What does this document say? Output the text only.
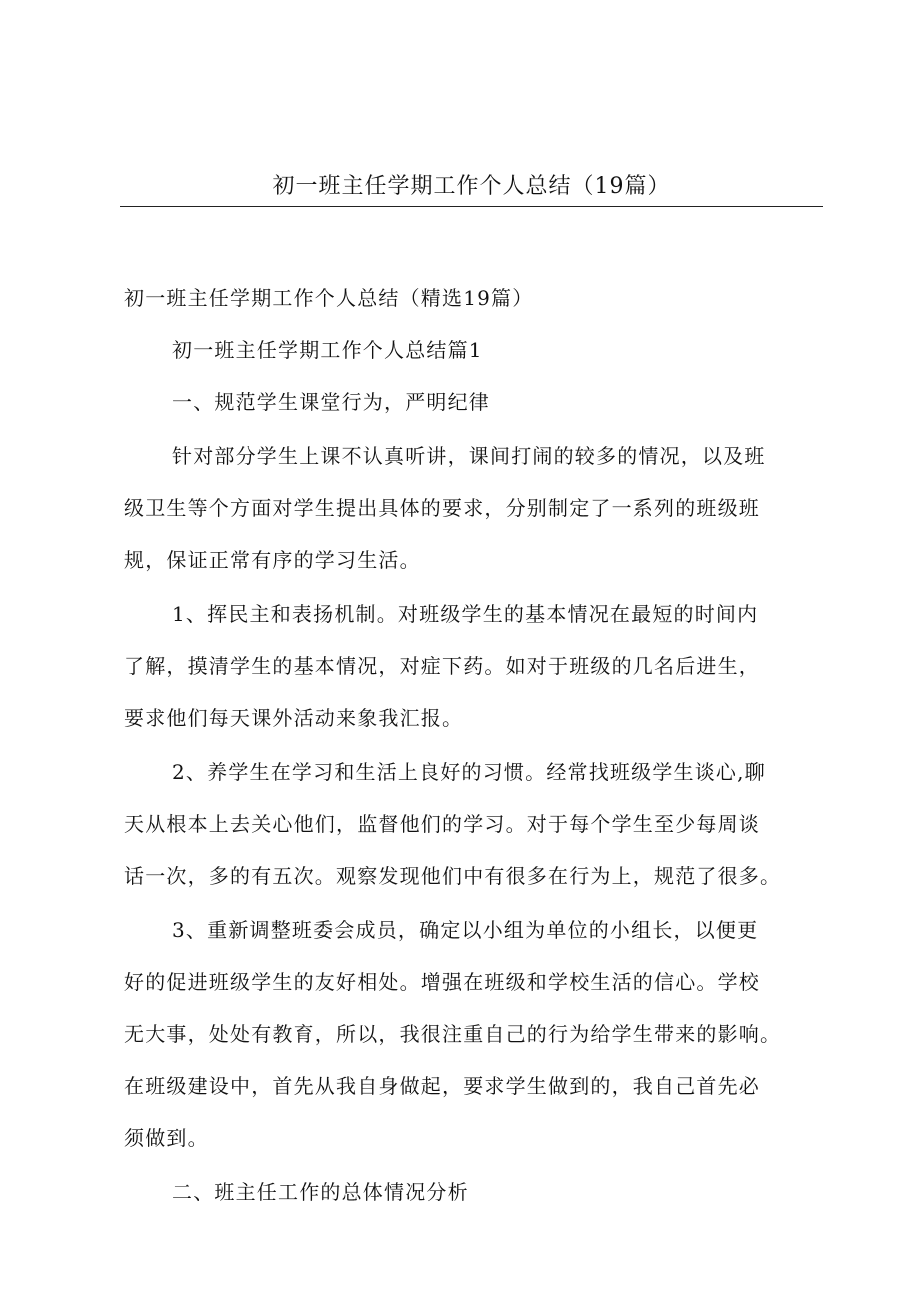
初一班主任学期工作个人总结（19篇）

初一班主任学期工作个人总结（精选19篇）

初一班主任学期工作个人总结篇1

一、规范学生课堂行为，严明纪律

针对部分学生上课不认真听讲，课间打闹的较多的情况，以及班

级卫生等个方面对学生提出具体的要求，分别制定了一系列的班级班

规，保证正常有序的学习生活。

1、挥民主和表扬机制。对班级学生的基本情况在最短的时间内

了解，摸清学生的基本情况，对症下药。如对于班级的几名后进生，

要求他们每天课外活动来象我汇报。

2、养学生在学习和生活上良好的习惯。经常找班级学生谈心,聊

天从根本上去关心他们，监督他们的学习。对于每个学生至少每周谈

话一次，多的有五次。观察发现他们中有很多在行为上，规范了很多。

3、重新调整班委会成员，确定以小组为单位的小组长，以便更

好的促进班级学生的友好相处。增强在班级和学校生活的信心。学校

无大事，处处有教育，所以，我很注重自己的行为给学生带来的影响。

在班级建设中，首先从我自身做起，要求学生做到的，我自己首先必

须做到。

二、班主任工作的总体情况分析
